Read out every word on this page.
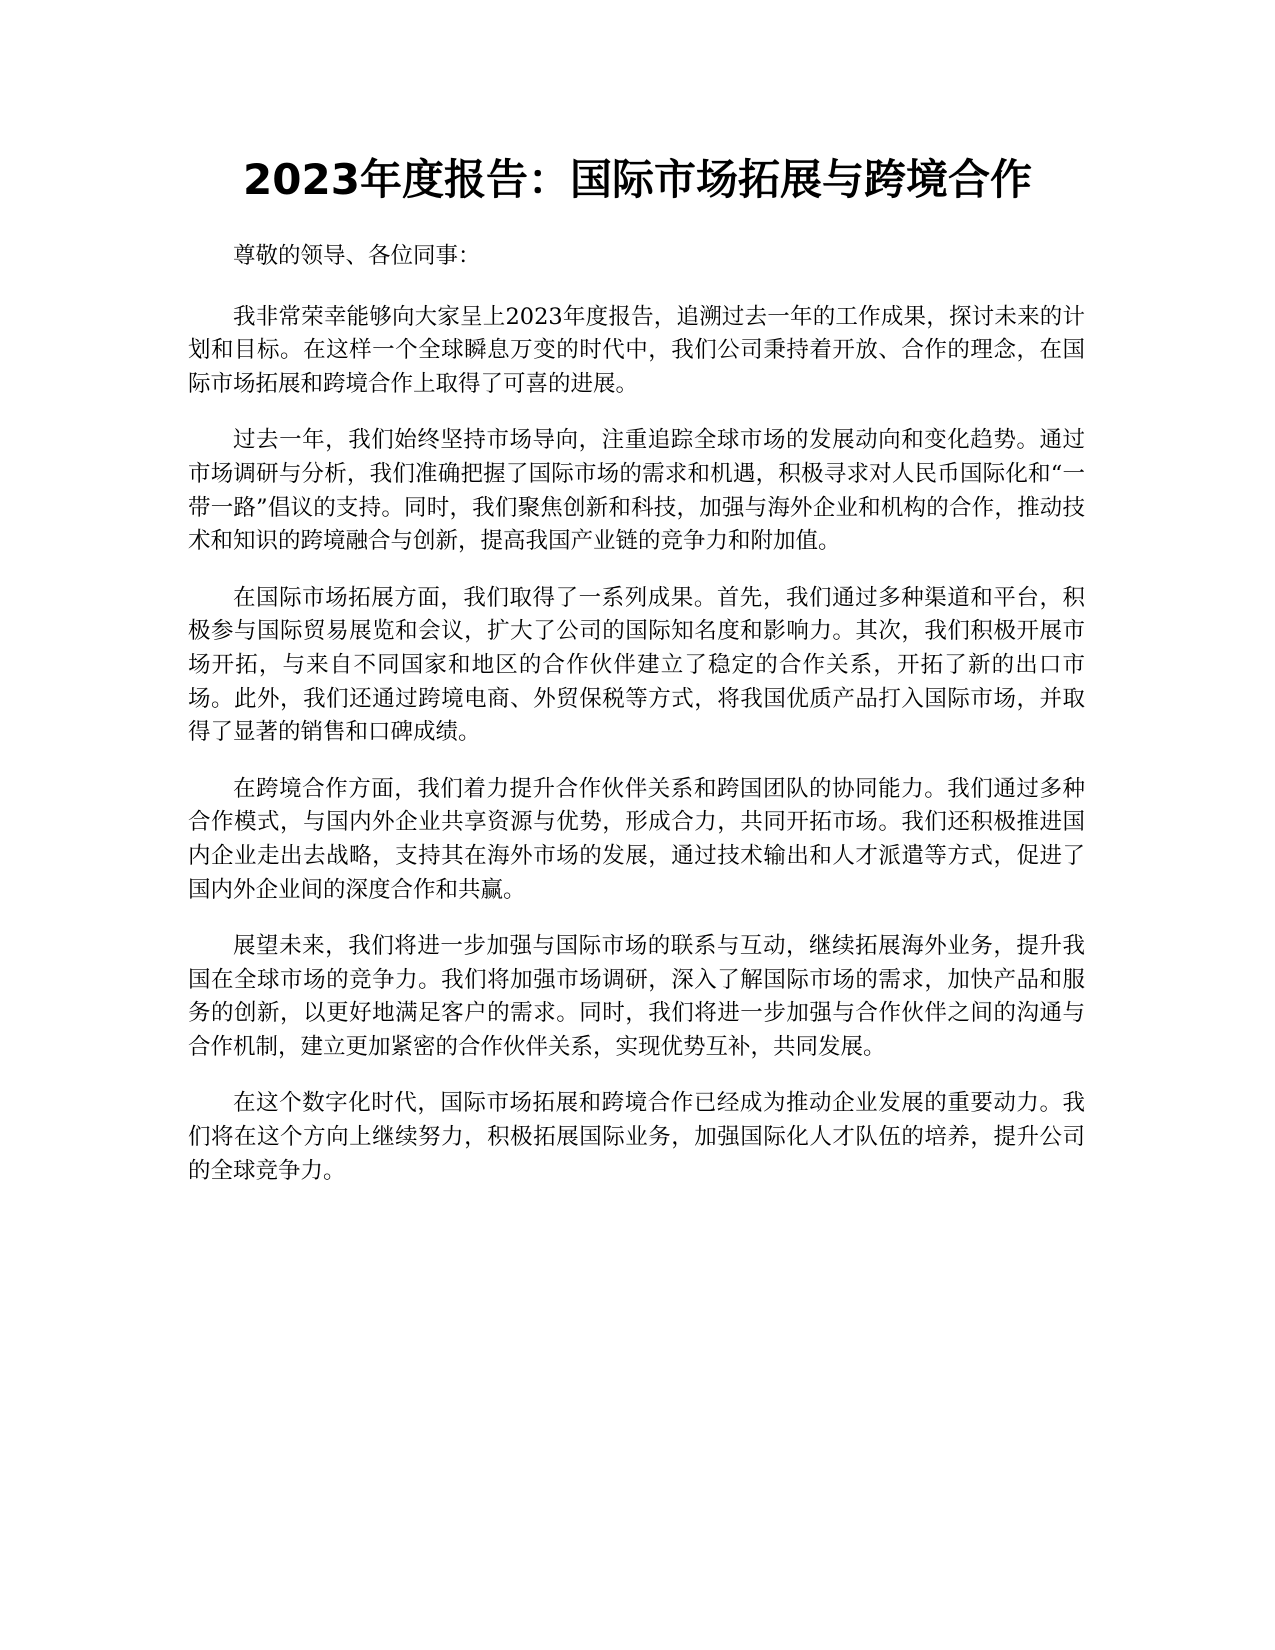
2023年度报告：国际市场拓展与跨境合作

尊敬的领导、各位同事：

我非常荣幸能够向大家呈上2023年度报告，追溯过去一年的工作成果，探讨未来的计划和目标。在这样一个全球瞬息万变的时代中，我们公司秉持着开放、合作的理念，在国际市场拓展和跨境合作上取得了可喜的进展。

过去一年，我们始终坚持市场导向，注重追踪全球市场的发展动向和变化趋势。通过市场调研与分析，我们准确把握了国际市场的需求和机遇，积极寻求对人民币国际化和“一带一路”倡议的支持。同时，我们聚焦创新和科技，加强与海外企业和机构的合作，推动技术和知识的跨境融合与创新，提高我国产业链的竞争力和附加值。

在国际市场拓展方面，我们取得了一系列成果。首先，我们通过多种渠道和平台，积极参与国际贸易展览和会议，扩大了公司的国际知名度和影响力。其次，我们积极开展市场开拓，与来自不同国家和地区的合作伙伴建立了稳定的合作关系，开拓了新的出口市场。此外，我们还通过跨境电商、外贸保税等方式，将我国优质产品打入国际市场，并取得了显著的销售和口碑成绩。

在跨境合作方面，我们着力提升合作伙伴关系和跨国团队的协同能力。我们通过多种合作模式，与国内外企业共享资源与优势，形成合力，共同开拓市场。我们还积极推进国内企业走出去战略，支持其在海外市场的发展，通过技术输出和人才派遣等方式，促进了国内外企业间的深度合作和共赢。

展望未来，我们将进一步加强与国际市场的联系与互动，继续拓展海外业务，提升我国在全球市场的竞争力。我们将加强市场调研，深入了解国际市场的需求，加快产品和服务的创新，以更好地满足客户的需求。同时，我们将进一步加强与合作伙伴之间的沟通与合作机制，建立更加紧密的合作伙伴关系，实现优势互补，共同发展。

在这个数字化时代，国际市场拓展和跨境合作已经成为推动企业发展的重要动力。我们将在这个方向上继续努力，积极拓展国际业务，加强国际化人才队伍的培养，提升公司的全球竞争力。
